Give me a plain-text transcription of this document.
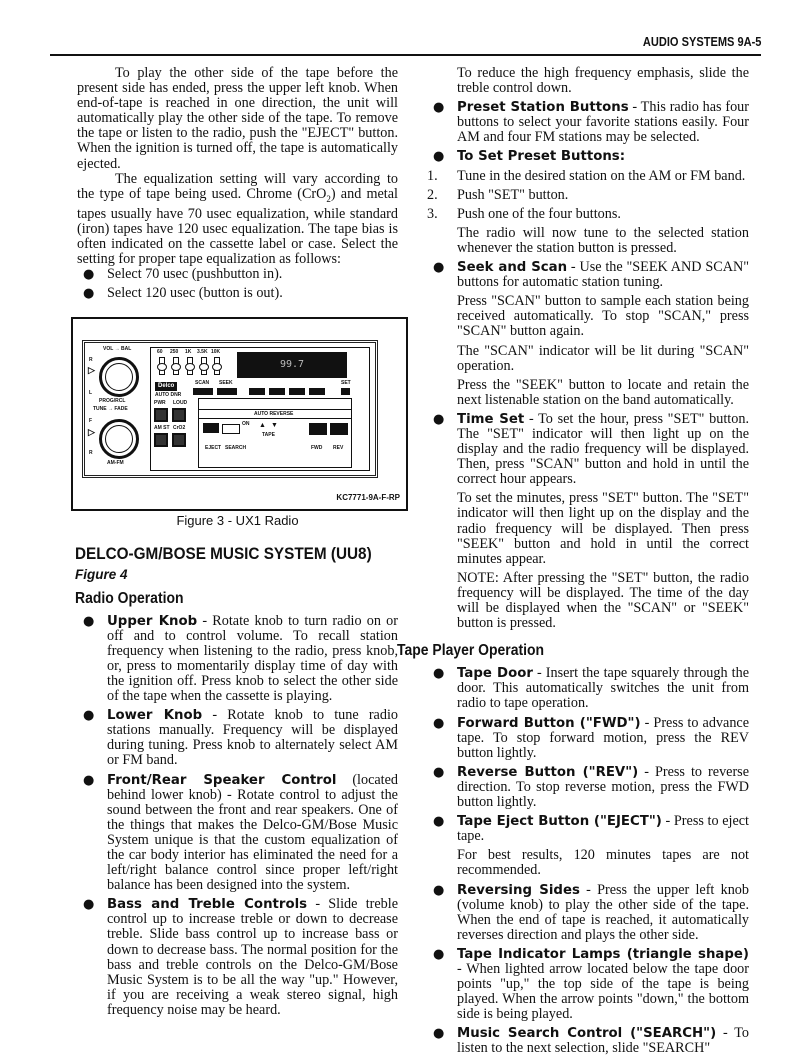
AUDIO SYSTEMS 9A-5

To play the other side of the tape before the present side has ended, press the upper left knob. When end-of-tape is reached in one direction, the unit will automatically play the other side of the tape. To remove the tape or listen to the radio, push the "EJECT" button. When the ignition is turned off, the tape is automatically ejected.

The equalization setting will vary according to the type of tape being used. Chrome (CrO$_2$) and metal tapes usually have 70 usec equalization, while standard (iron) tapes have 120 usec equalization. The tape bias is often indicated on the cassette label or case. Select the setting for proper tape equalization as follows:

● Select 70 usec (pushbutton in).
● Select 120 usec (button is out).
VOL → BAL
R
▷
L
PROG/RCL
TUNE → FADE
F
▷
R
AM-FM
60 250 1K 3.5K 10K
99.7
Delco
AUTO DNR
SCAN SEEK	SET
PWR LOUD
AM ST CrO2
AUTO REVERSE
ON ▲ ▼
TAPE
EJECT SEARCH	FWD REV
KC7771-9A-F-RP

Figure 3 - UX1 Radio

DELCO-GM/BOSE MUSIC SYSTEM (UU8)
Figure 4
Radio Operation
● Upper Knob - Rotate knob to turn radio on or off and to control volume. To recall station frequency when listening to the radio, press knob, or, press to momentarily display time of day with the ignition off. Press knob to select the other side of the tape when the cassette is playing.
● Lower Knob - Rotate knob to tune radio stations manually. Frequency will be displayed during tuning. Press knob to alternately select AM or FM band.
● Front/Rear Speaker Control (located behind lower knob) - Rotate control to adjust the sound between the front and rear speakers. One of the things that makes the Delco-GM/Bose Music System unique is that the custom equalization of the car body interior has eliminated the need for a left/right balance control since proper left/right balance has been designed into the system.
● Bass and Treble Controls - Slide treble control up to increase treble or down to decrease treble. Slide bass control up to increase bass or down to decrease bass. The normal position for the bass and treble controls on the Delco-GM/Bose Music System is to be all the way "up." However, if you are receiving a weak stereo signal, high frequency noise may be heard.

To reduce the high frequency emphasis, slide the treble control down.

● Preset Station Buttons - This radio has four buttons to select your favorite stations easily. Four AM and four FM stations may be selected.
● To Set Preset Buttons:
1. Tune in the desired station on the AM or FM band.
2. Push "SET" button.
3. Push one of the four buttons.

The radio will now tune to the selected station whenever the station button is pressed.

● Seek and Scan - Use the "SEEK AND SCAN" buttons for automatic station tuning.

Press "SCAN" button to sample each station being received automatically. To stop "SCAN," press "SCAN" button again.

The "SCAN" indicator will be lit during "SCAN" operation.

Press the "SEEK" button to locate and retain the next listenable station on the band automatically.

● Time Set - To set the hour, press "SET" button. The "SET" indicator will then light up on the display and the radio frequency will be displayed. Then, press "SCAN" button and hold in until the correct hour appears.

To set the minutes, press "SET" button. The "SET" indicator will then light up on the display and the radio frequency will be displayed. Then press "SEEK" button and hold in until the correct minutes appear.

NOTE: After pressing the "SET" button, the radio frequency will be displayed. The time of the day will be displayed when the "SCAN" or "SEEK" button is pressed.

Tape Player Operation
● Tape Door - Insert the tape squarely through the door. This automatically switches the unit from radio to tape operation.
● Forward Button ("FWD") - Press to advance tape. To stop forward motion, press the REV button lightly.
● Reverse Button ("REV") - Press to reverse direction. To stop reverse motion, press the FWD button lightly.
● Tape Eject Button ("EJECT") - Press to eject tape.

For best results, 120 minutes tapes are not recommended.

● Reversing Sides - Press the upper left knob (volume knob) to play the other side of the tape. When the end of tape is reached, it automatically reverses direction and plays the other side.
● Tape Indicator Lamps (triangle shape) - When lighted arrow located below the tape door points "up," the top side of the tape is being played. When the arrow points "down," the bottom side is being played.
● Music Search Control ("SEARCH") - To listen to the next selection, slide "SEARCH"
